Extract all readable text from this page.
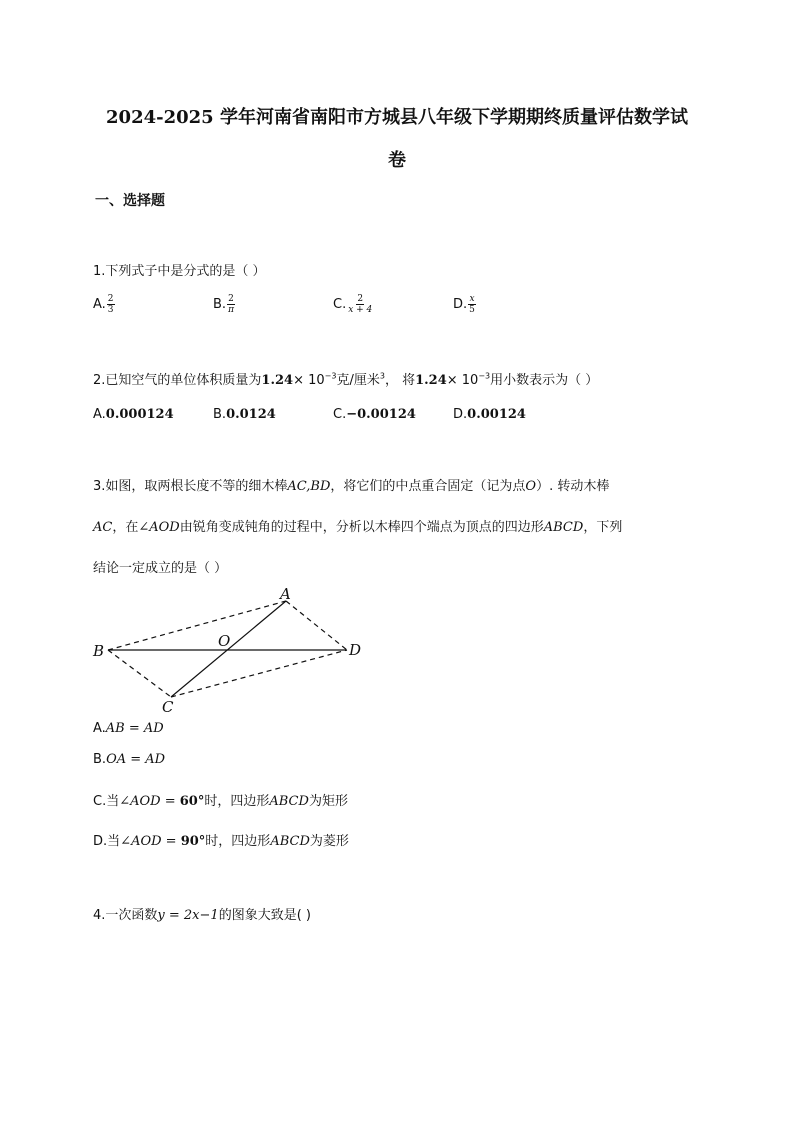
2024-2025 学年河南省南阳市方城县八年级下学期期终质量评估数学试
卷
一、选择题
1.下列式子中是分式的是（ ）
A. $\frac{2}{3}$	B. $\frac{2}{\pi}$	C. $\frac{2}{x + 4}$	D. $\frac{x}{5}$
2.已知空气的单位体积质量为$1.24\times 10^{-3}$克/厘米$^3$， 将$1.24\times 10^{-3}$用小数表示为（ ）
A.0.000124	B.0.0124	C.−0.00124	D.0.00124
3.如图，取两根长度不等的细木棒AC,BD，将它们的中点重合固定（记为点O）. 转动木棒
AC，在∠AOD由锐角变成钝角的过程中，分析以木棒四个端点为顶点的四边形ABCD，下列
结论一定成立的是（ ）
A
B
C
D
O
A.AB = AD
B.OA = AD
C.当∠AOD = 60°时，四边形ABCD为矩形
D.当∠AOD = 90°时，四边形ABCD为菱形
4.一次函数y = 2x−1的图象大致是( )
